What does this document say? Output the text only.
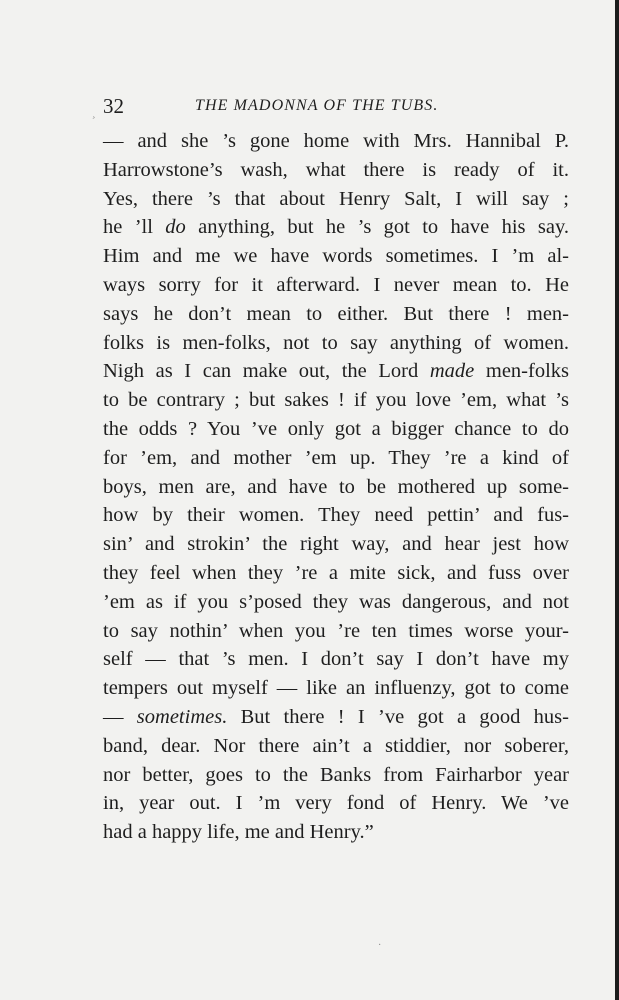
32	THE MADONNA OF THE TUBS.
— and she ’s gone home with Mrs. Hannibal P.
Harrowstone’s wash, what there is ready of it.
Yes, there ’s that about Henry Salt, I will say ;
he ’ll do anything, but he ’s got to have his say.
Him and me we have words sometimes. I ’m al-
ways sorry for it afterward. I never mean to. He
says he don’t mean to either. But there ! men-
folks is men-folks, not to say anything of women.
Nigh as I can make out, the Lord made men-folks
to be contrary ; but sakes ! if you love ’em, what ’s
the odds ? You ’ve only got a bigger chance to do
for ’em, and mother ’em up. They ’re a kind of
boys, men are, and have to be mothered up some-
how by their women. They need pettin’ and fus-
sin’ and strokin’ the right way, and hear jest how
they feel when they ’re a mite sick, and fuss over
’em as if you s’posed they was dangerous, and not
to say nothin’ when you ’re ten times worse your-
self — that ’s men. I don’t say I don’t have my
tempers out myself — like an influenzy, got to come
— sometimes. But there ! I ’ve got a good hus-
band, dear. Nor there ain’t a stiddier, nor soberer,
nor better, goes to the Banks from Fairharbor year
in, year out. I ’m very fond of Henry. We ’ve
had a happy life, me and Henry.”
¸
·
